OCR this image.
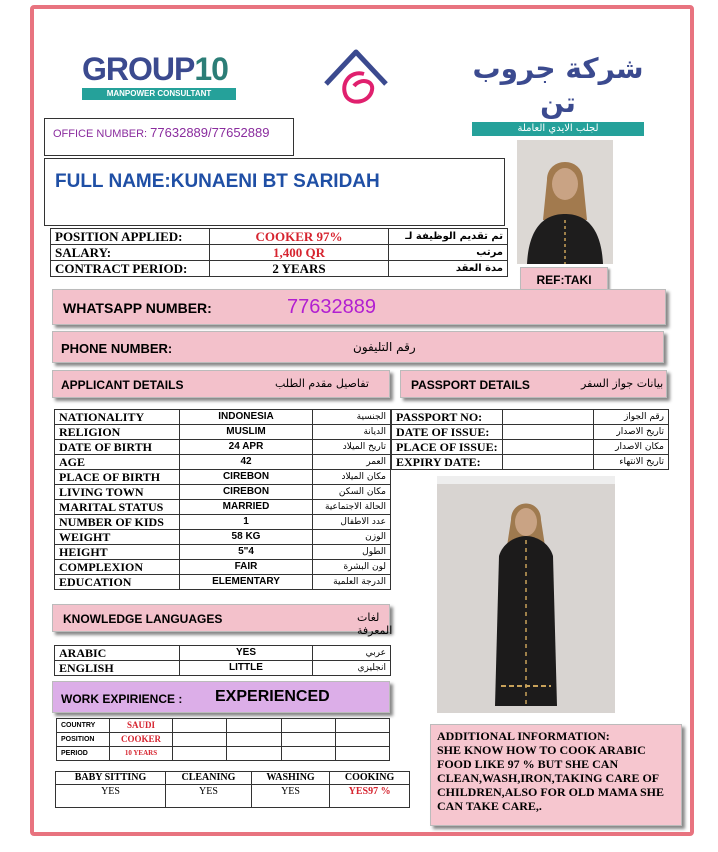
GROUP10
MANPOWER CONSULTANT
شركة جروب تن
لجلب الايدي العاملة
OFFICE NUMBER: 77632889/77652889
FULL NAME:KUNAENI BT SARIDAH
POSITION APPLIED:	COOKER 97%	تم تقديم الوظيفة لـ
SALARY:	1,400 QR	مرتب
CONTRACT PERIOD:	2 YEARS	مدة العقد
REF:TAKI
WHATSAPP NUMBER:	77632889
PHONE NUMBER:	رقم التليفون
APPLICANT DETAILS	تفاصيل مقدم الطلب	PASSPORT DETAILS	بيانات جواز السفر
NATIONALITY	INDONESIA	الجنسية
RELIGION	MUSLIM	الديانة
DATE OF BIRTH	24 APR	تاريخ الميلاد
AGE	42	العمر
PLACE OF BIRTH	CIREBON	مكان الميلاد
LIVING TOWN	CIREBON	مكان السكن
MARITAL STATUS	MARRIED	الحالة الاجتماعية
NUMBER OF KIDS	1	عدد الاطفال
WEIGHT	58 KG	الوزن
HEIGHT	5"4	الطول
COMPLEXION	FAIR	لون البشرة
EDUCATION	ELEMENTARY	الدرجة العلمية
PASSPORT NO:		رقم الجواز
DATE OF ISSUE:		تاريخ الاصدار
PLACE OF ISSUE:		مكان الاصدار
EXPIRY DATE:		تاريخ الانتهاء
KNOWLEDGE LANGUAGES	لغات المعرفة
ARABIC	YES	عربي
ENGLISH	LITTLE	انجليزي
WORK EXPIRIENCE : EXPERIENCED
COUNTRY	SAUDI				
POSITION	COOKER				
PERIOD	10 YEARS				
BABY SITTING	CLEANING	WASHING	COOKING
YES	YES	YES	YES97 %
ADDITIONAL INFORMATION:
SHE KNOW HOW TO COOK ARABIC FOOD LIKE 97 % BUT SHE CAN CLEAN,WASH,IRON,TAKING CARE OF CHILDREN,ALSO FOR OLD MAMA SHE CAN TAKE CARE,.
